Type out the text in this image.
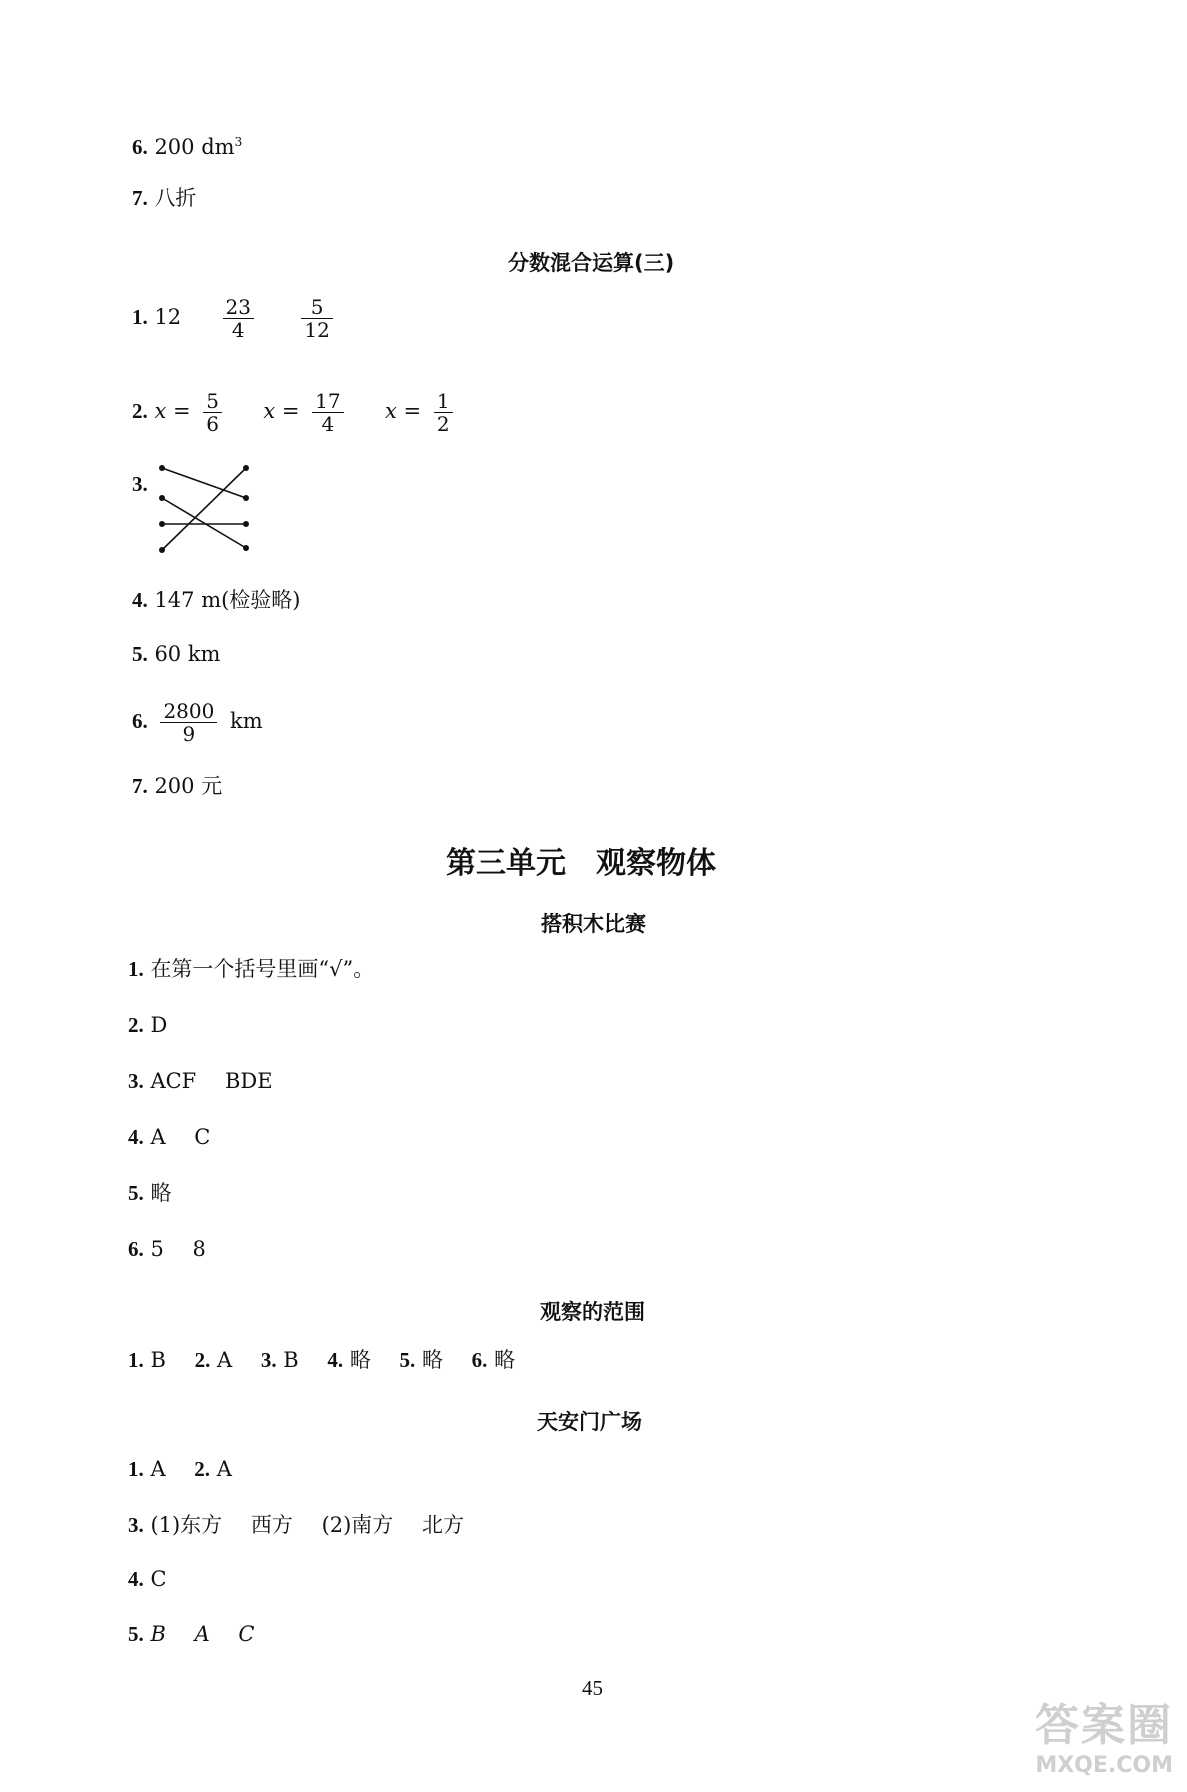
6. 200 $dm^3$
7. 八折
分数混合运算(三)
1. $12 \frac{23}{4}$
$\frac{5}{12}$
2. $x = \frac{5}{6}$ $x = \frac{17}{4}$ $x = \frac{1}{2}$
3.
4. 147 m(检验略)
5. 60 km
6. $\frac{2800}{9}$ km
7. 200 元
第三单元　观察物体
搭积木比赛
1. 在第一个括号里画“√”。
2. D
3. ACF BDE
4. A C
5. 略
6. 5 8
观察的范围
1. B 2. A 3. B 4. 略 5. 略 6. 略
天安门广场
1. A 2. A
3. (1)东方 西方 (2)南方 北方
4. C
5. B A C
45
答案圈
MXQE.COM
